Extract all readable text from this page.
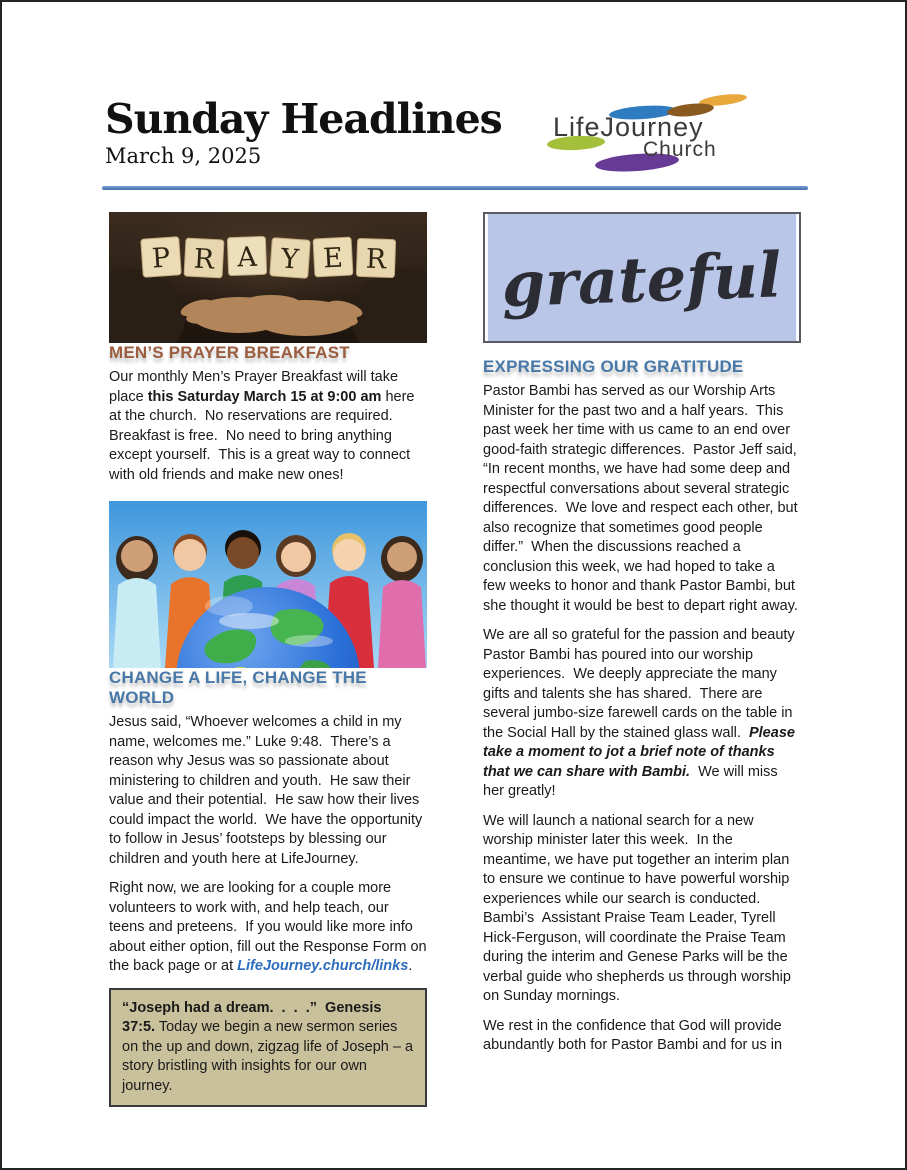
Sunday Headlines
March 9, 2025
LifeJourney
Church
P R A Y E R
MEN’S PRAYER BREAKFAST

Our monthly Men’s Prayer Breakfast will take place this Saturday March 15 at 9:00 am here at the church.  No reservations are required.  Breakfast is free.  No need to bring anything except yourself.  This is a great way to connect with old friends and make new ones!

CHANGE A LIFE, CHANGE THE WORLD

Jesus said, “Whoever welcomes a child in my name, welcomes me.” Luke 9:48.  There’s a reason why Jesus was so passionate about ministering to children and youth.  He saw their value and their potential.  He saw how their lives could impact the world.  We have the opportunity to follow in Jesus’ footsteps by blessing our children and youth here at LifeJourney.

Right now, we are looking for a couple more volunteers to work with, and help teach, our teens and preteens.  If you would like more info about either option, fill out the Response Form on the back page or at LifeJourney.church/links.

“Joseph had a dream.  .  .  .”  Genesis 37:5. Today we begin a new sermon series on the up and down, zigzag life of Joseph – a story bristling with insights for our own journey.
grateful
EXPRESSING OUR GRATITUDE

Pastor Bambi has served as our Worship Arts Minister for the past two and a half years.  This past week her time with us came to an end over good-faith strategic differences.  Pastor Jeff said, “In recent months, we have had some deep and respectful conversations about several strategic differences.  We love and respect each other, but also recognize that sometimes good people differ.”  When the discussions reached a conclusion this week, we had hoped to take a few weeks to honor and thank Pastor Bambi, but she thought it would be best to depart right away.

We are all so grateful for the passion and beauty Pastor Bambi has poured into our worship experiences.  We deeply appreciate the many gifts and talents she has shared.  There are several jumbo-size farewell cards on the table in the Social Hall by the stained glass wall.  Please take a moment to jot a brief note of thanks that we can share with Bambi.  We will miss her greatly!

We will launch a national search for a new worship minister later this week.  In the meantime, we have put together an interim plan to ensure we continue to have powerful worship experiences while our search is conducted.  Bambi’s  Assistant Praise Team Leader, Tyrell Hick-Ferguson, will coordinate the Praise Team during the interim and Genese Parks will be the verbal guide who shepherds us through worship on Sunday mornings.

We rest in the confidence that God will provide abundantly both for Pastor Bambi and for us in
